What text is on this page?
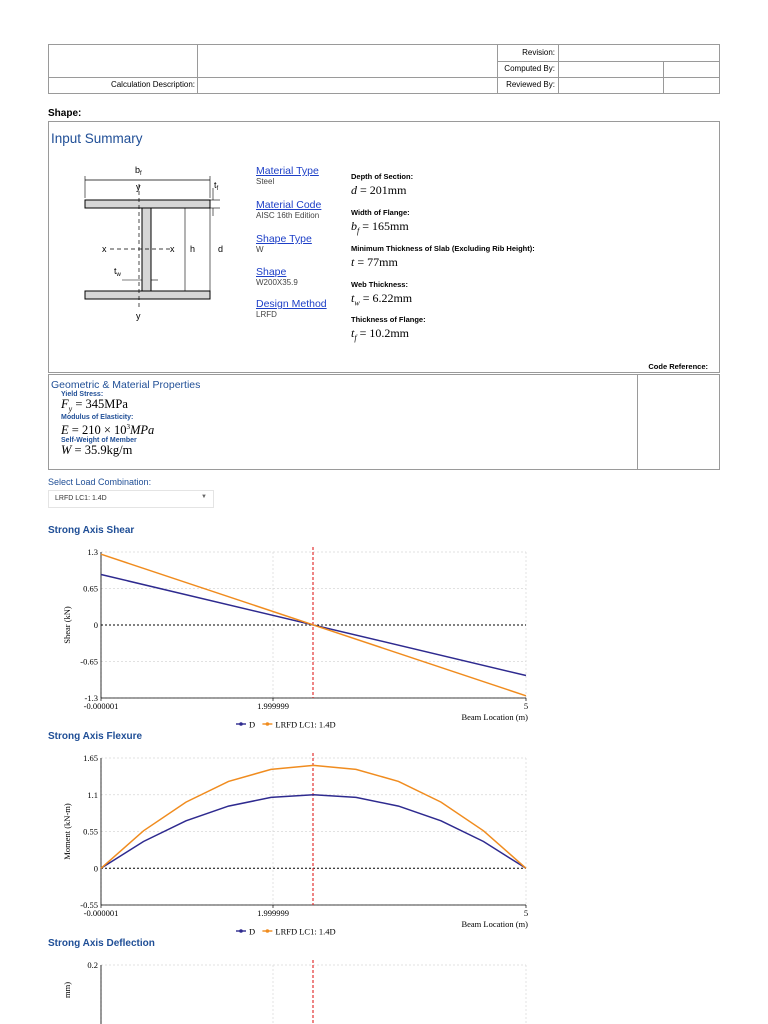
Calculation Description:
Revision:
Computed By:
Reviewed By:
Shape:
Input Summary
$b_f$
y
y
x	x h	d
$t_f$
$t_w$
Material Type
Steel
Material Code
AISC 16th Edition
Shape Type
W
Shape
W200X35.9
Design Method
LRFD
Depth of Section:
d = 201mm
Width of Flange:
$b_f = 165mm$
Minimum Thickness of Slab (Excluding Rib Height):
t = 77mm
Web Thickness:
$t_w = 6.22mm$
Thickness of Flange:
$t_f = 10.2mm$
Code Reference:
Geometric & Material Properties
Yield Stress:
$F_y = 345MPa$
Modulus of Elasticity:
$E = 210 \times 10^3MPa$
Self-Weight of Member
W = 35.9kg/m
Select Load Combination:
LRFD LC1: 1.4D	▼
Strong Axis Shear
Strong Axis Flexure
Strong Axis Deflection
1.3
0.65
0
-0.65
-1.3
-0.000001	1.999999	5
Shear (kN)
Beam Location (m)
D LRFD LC1: 1.4D
1.65
1.1
0.55
0
-0.55
-0.000001	1.999999	5
Moment (kN-m)
Beam Location (m)
D LRFD LC1: 1.4D
0.2
mm)
